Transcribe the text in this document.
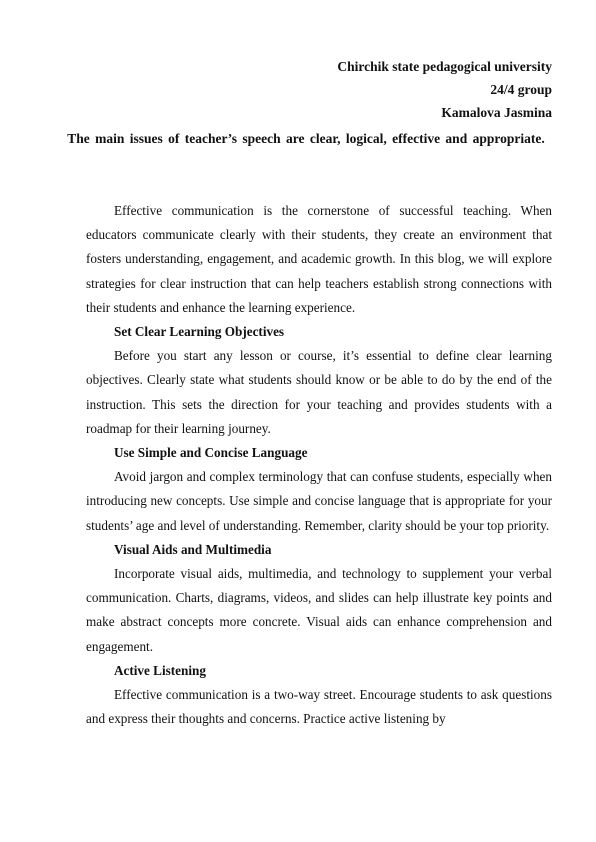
Chirchik state pedagogical university
24/4 group
Kamalova Jasmina
The main issues of teacher’s speech are clear, logical, effective and appropriate.

Effective communication is the cornerstone of successful teaching. When educators communicate clearly with their students, they create an environment that fosters understanding, engagement, and academic growth. In this blog, we will explore strategies for clear instruction that can help teachers establish strong connections with their students and enhance the learning experience.

Set Clear Learning Objectives

Before you start any lesson or course, it’s essential to define clear learning objectives. Clearly state what students should know or be able to do by the end of the instruction. This sets the direction for your teaching and provides students with a roadmap for their learning journey.

Use Simple and Concise Language

Avoid jargon and complex terminology that can confuse students, especially when introducing new concepts. Use simple and concise language that is appropriate for your students’ age and level of understanding. Remember, clarity should be your top priority.

Visual Aids and Multimedia

Incorporate visual aids, multimedia, and technology to supplement your verbal communication. Charts, diagrams, videos, and slides can help illustrate key points and make abstract concepts more concrete. Visual aids can enhance comprehension and engagement.

Active Listening

Effective communication is a two-way street. Encourage students to ask questions and express their thoughts and concerns. Practice active listening by
